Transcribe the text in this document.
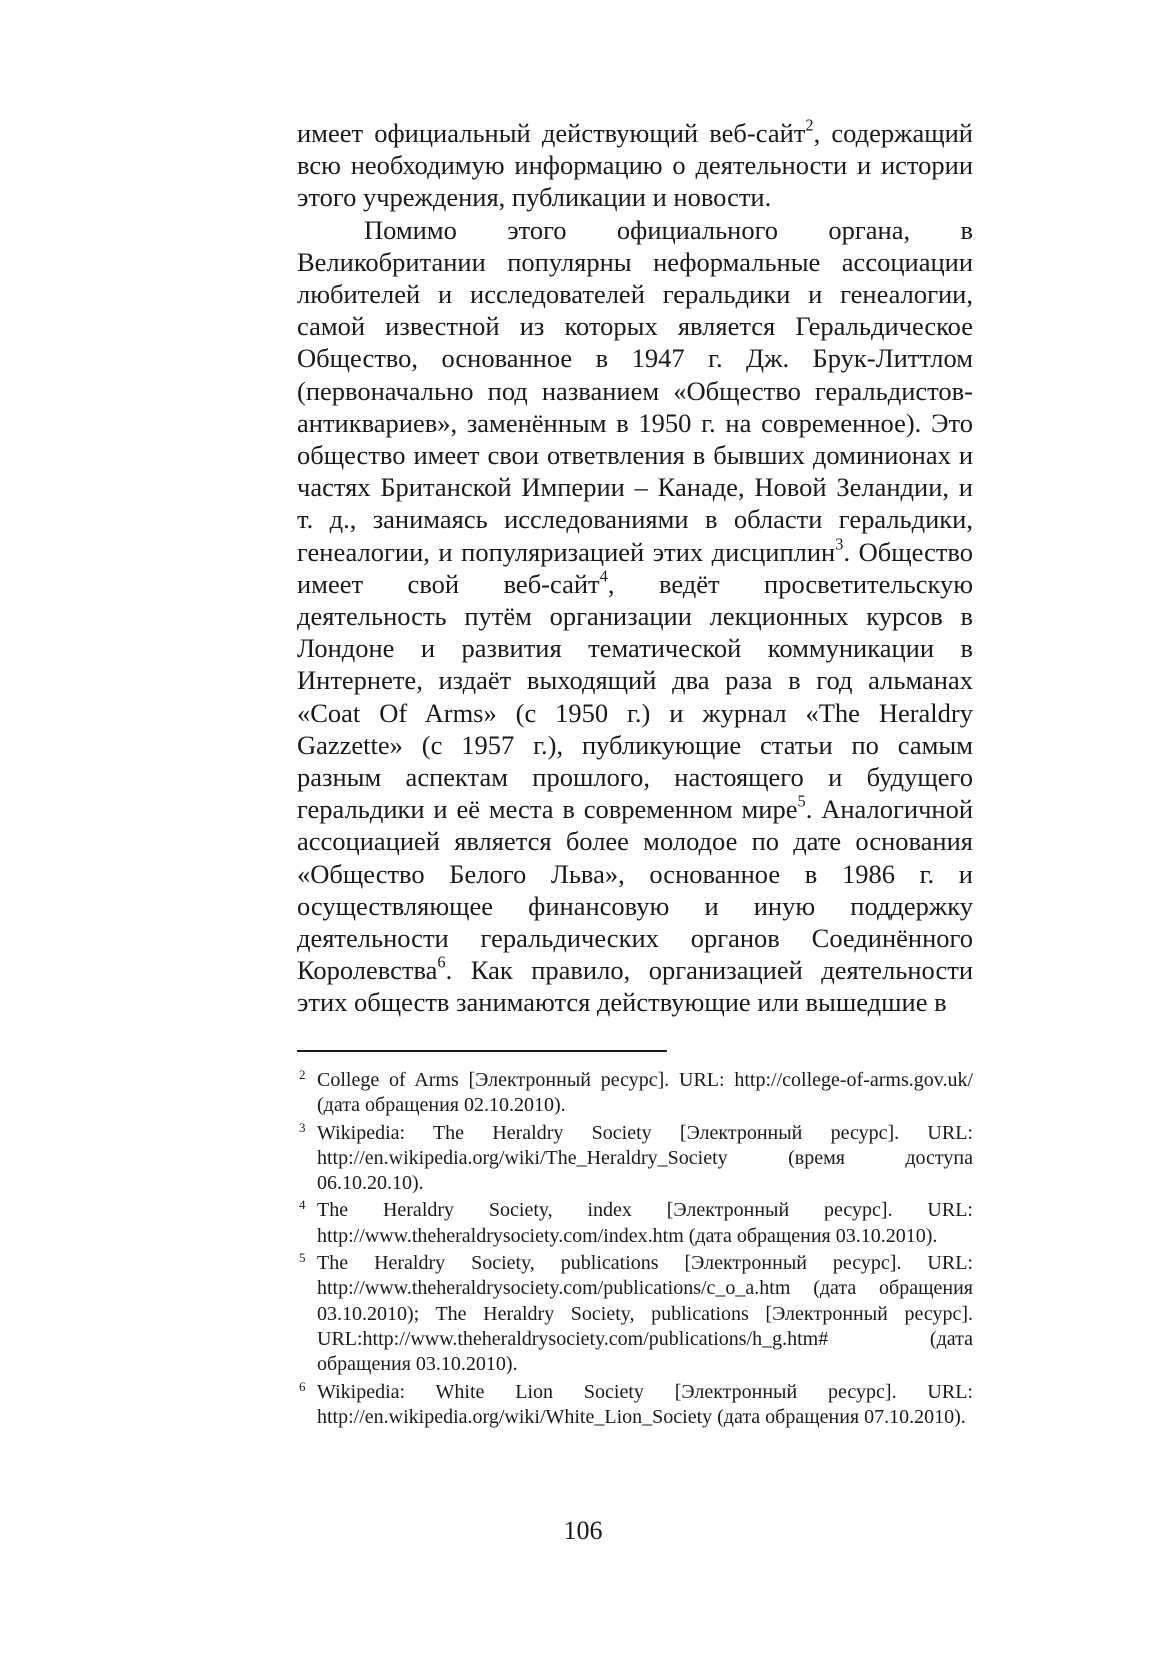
имеет официальный действующий веб-сайт$^2$, содержащий всю необходимую информацию о деятельности и истории этого учреждения, публикации и новости.

Помимо этого официального органа, в Великобритании популярны неформальные ассоциации любителей и исследователей геральдики и генеалогии, самой известной из которых является Геральдическое Общество, основанное в 1947 г. Дж. Брук-Литтлом (первоначально под названием «Общество геральдистов-антиквариев», заменённым в 1950 г. на современное). Это общество имеет свои ответвления в бывших доминионах и частях Британской Империи – Канаде, Новой Зеландии, и т. д., занимаясь исследованиями в области геральдики, генеалогии, и популяризацией этих дисциплин$^3$. Общество имеет свой веб-сайт$^4$, ведёт просветительскую деятельность путём организации лекционных курсов в Лондоне и развития тематической коммуникации в Интернете, издаёт выходящий два раза в год альманах «Coat Of Arms» (с 1950 г.) и журнал «The Heraldry Gazzette» (с 1957 г.), публикующие статьи по самым разным аспектам прошлого, настоящего и будущего геральдики и её места в современном мире$^5$. Аналогичной ассоциацией является более молодое по дате основания «Общество Белого Льва», основанное в 1986 г. и осуществляющее финансовую и иную поддержку деятельности геральдических органов Соединённого Королевства$^6$. Как правило, организацией деятельности этих обществ занимаются действующие или вышедшие в

2 College of Arms [Электронный ресурс]. URL: http://college-of-arms.gov.uk/ (дата обращения 02.10.2010).
3 Wikipedia: The Heraldry Society [Электронный ресурс]. URL: http://en.wikipedia.org/wiki/The_Heraldry_Society (время доступа 06.10.20.10).
4 The Heraldry Society, index [Электронный ресурс]. URL: http://www.theheraldrysociety.com/index.htm (дата обращения 03.10.2010).
5 The Heraldry Society, publications [Электронный ресурс]. URL: http://www.theheraldrysociety.com/publications/c_o_a.htm (дата обращения 03.10.2010); The Heraldry Society, publications [Электронный ресурс]. URL:http://www.theheraldrysociety.com/publications/h_g.htm# (дата обращения 03.10.2010).
6 Wikipedia: White Lion Society [Электронный ресурс]. URL: http://en.wikipedia.org/wiki/White_Lion_Society (дата обращения 07.10.2010).
106
